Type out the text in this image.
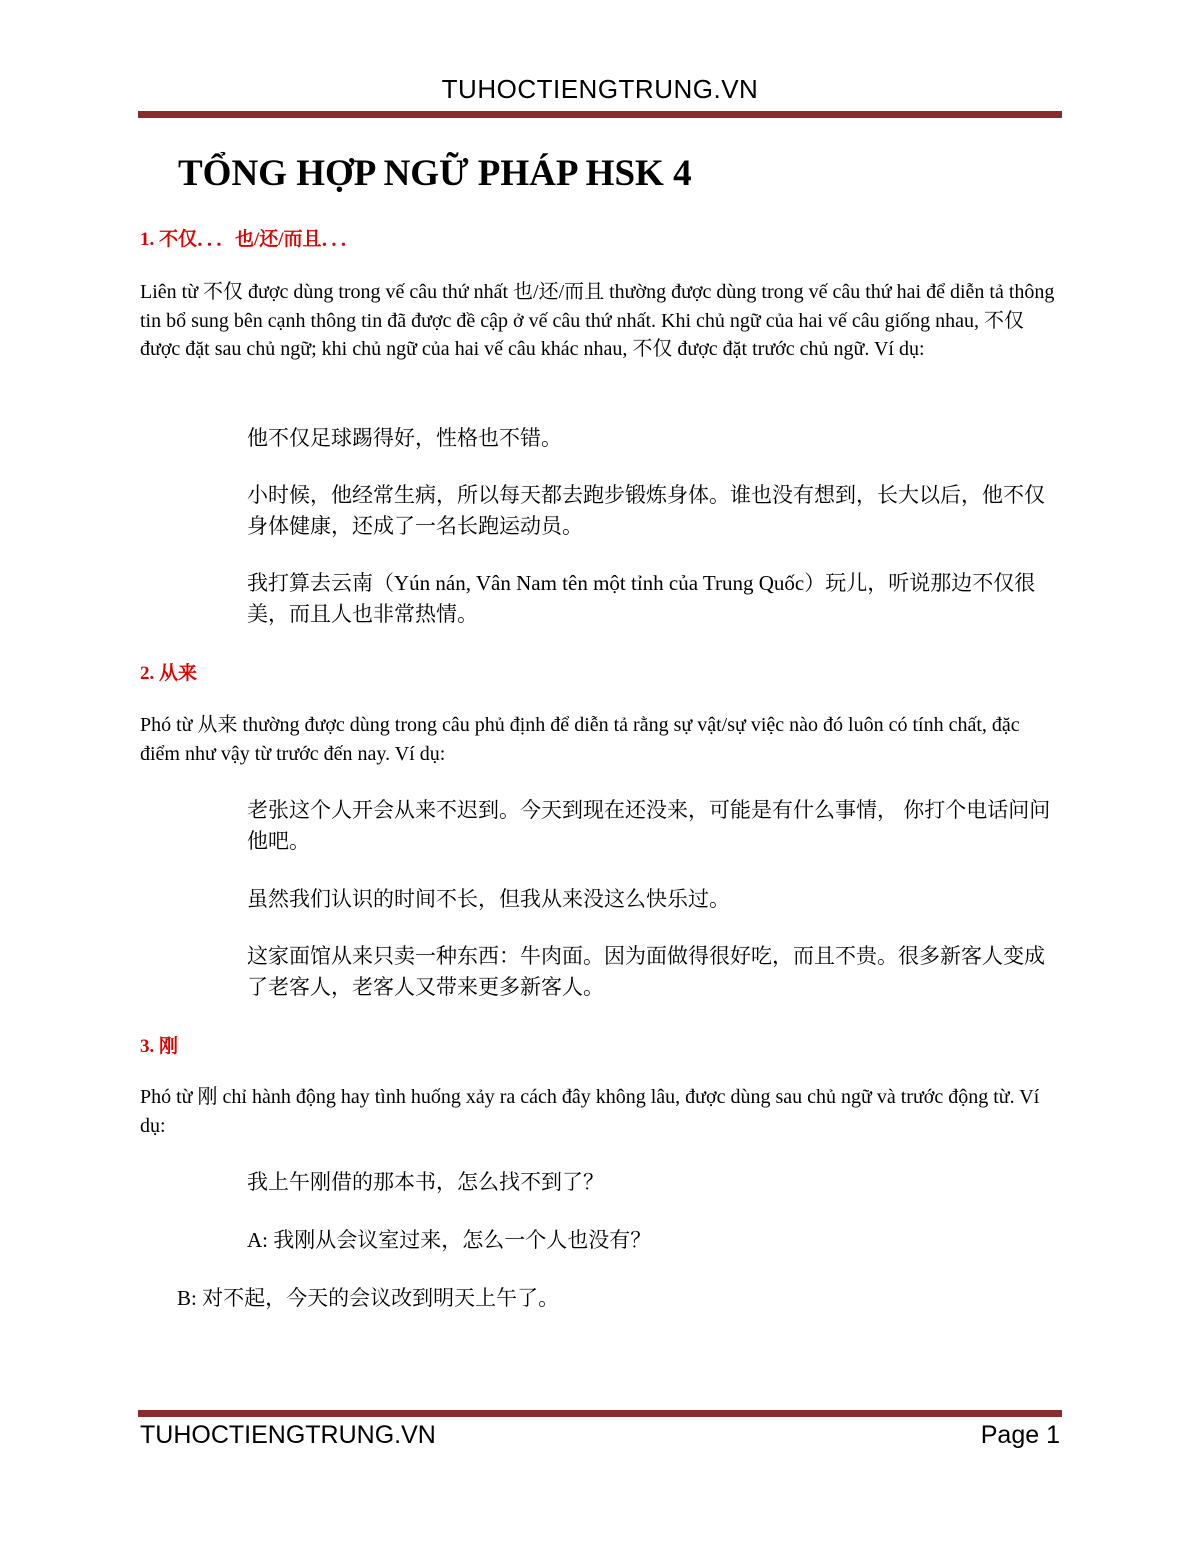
TUHOCTIENGTRUNG.VN
TỔNG HỢP NGỮ PHÁP HSK 4
1. 不仅．．．也/还/而且．．．
Liên từ 不仅 được dùng trong vế câu thứ nhất 也/还/而且 thường được dùng trong vế câu thứ hai để diễn tả thông tin bổ sung bên cạnh thông tin đã được đề cập ở vế câu thứ nhất. Khi chủ ngữ của hai vế câu giống nhau, 不仅 được đặt sau chủ ngữ; khi chủ ngữ của hai vế câu khác nhau, 不仅 được đặt trước chủ ngữ. Ví dụ:
他不仅足球踢得好，性格也不错。
小时候，他经常生病，所以每天都去跑步锻炼身体。谁也没有想到，长大以后，他不仅身体健康，还成了一名长跑运动员。
我打算去云南（Yún nán, Vân Nam tên một tỉnh của Trung Quốc）玩儿，听说那边不仅很美，而且人也非常热情。
2. 从来
Phó từ 从来 thường được dùng trong câu phủ định để diễn tả rằng sự vật/sự việc nào đó luôn có tính chất, đặc điểm như vậy từ trước đến nay. Ví dụ:
老张这个人开会从来不迟到。今天到现在还没来，可能是有什么事情， 你打个电话问问他吧。
虽然我们认识的时间不长，但我从来没这么快乐过。
这家面馆从来只卖一种东西：牛肉面。因为面做得很好吃，而且不贵。很多新客人变成了老客人，老客人又带来更多新客人。
3. 刚
Phó từ 刚 chỉ hành động hay tình huống xảy ra cách đây không lâu, được dùng sau chủ ngữ và trước động từ. Ví dụ:
我上午刚借的那本书，怎么找不到了？
A: 我刚从会议室过来，怎么一个人也没有？
B: 对不起，今天的会议改到明天上午了。
TUHOCTIENGTRUNG.VN	Page 1
